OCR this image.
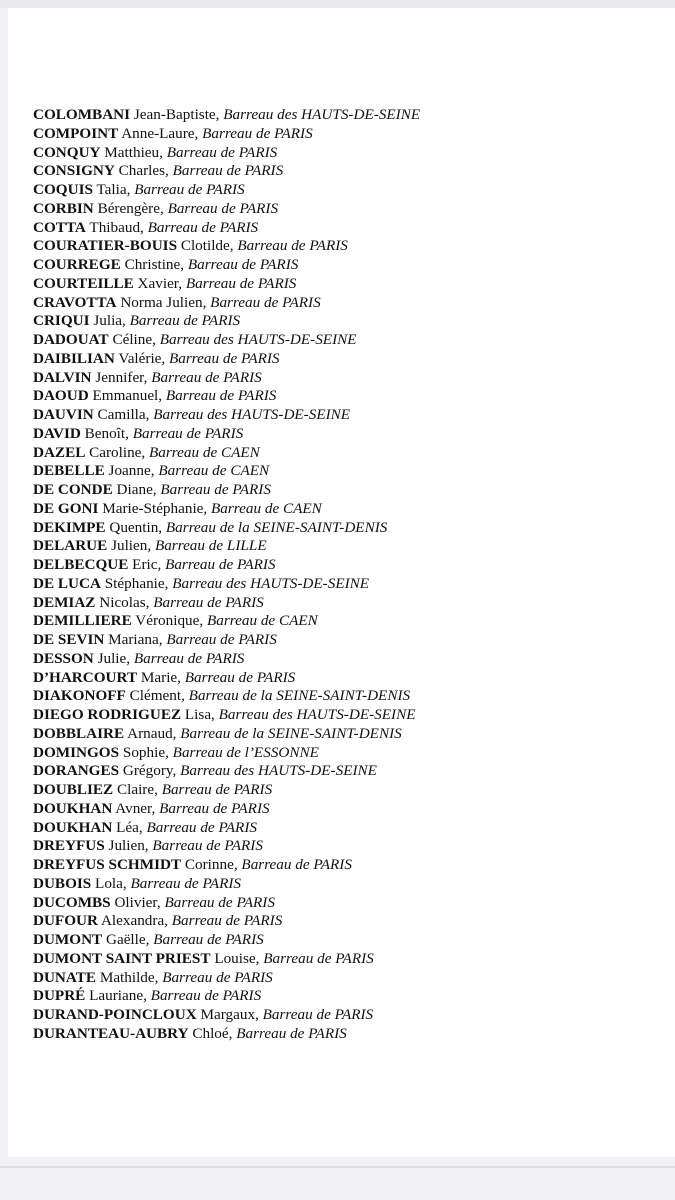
COLOMBANI Jean-Baptiste, Barreau des HAUTS-DE-SEINE
COMPOINT Anne-Laure, Barreau de PARIS
CONQUY Matthieu, Barreau de PARIS
CONSIGNY Charles, Barreau de PARIS
COQUIS Talia, Barreau de PARIS
CORBIN Bérengère, Barreau de PARIS
COTTA Thibaud, Barreau de PARIS
COURATIER-BOUIS Clotilde, Barreau de PARIS
COURREGE Christine, Barreau de PARIS
COURTEILLE Xavier, Barreau de PARIS
CRAVOTTA Norma Julien, Barreau de PARIS
CRIQUI Julia, Barreau de PARIS
DADOUAT Céline, Barreau des HAUTS-DE-SEINE
DAIBILIAN Valérie, Barreau de PARIS
DALVIN Jennifer, Barreau de PARIS
DAOUD Emmanuel, Barreau de PARIS
DAUVIN Camilla, Barreau des HAUTS-DE-SEINE
DAVID Benoît, Barreau de PARIS
DAZEL Caroline, Barreau de CAEN
DEBELLE Joanne, Barreau de CAEN
DE CONDE Diane, Barreau de PARIS
DE GONI Marie-Stéphanie, Barreau de CAEN
DEKIMPE Quentin, Barreau de la SEINE-SAINT-DENIS
DELARUE Julien, Barreau de LILLE
DELBECQUE Eric, Barreau de PARIS
DE LUCA Stéphanie, Barreau des HAUTS-DE-SEINE
DEMIAZ Nicolas, Barreau de PARIS
DEMILLIERE Véronique, Barreau de CAEN
DE SEVIN Mariana, Barreau de PARIS
DESSON Julie, Barreau de PARIS
D’HARCOURT Marie, Barreau de PARIS
DIAKONOFF Clément, Barreau de la SEINE-SAINT-DENIS
DIEGO RODRIGUEZ Lisa, Barreau des HAUTS-DE-SEINE
DOBBLAIRE Arnaud, Barreau de la SEINE-SAINT-DENIS
DOMINGOS Sophie, Barreau de l’ESSONNE
DORANGES Grégory, Barreau des HAUTS-DE-SEINE
DOUBLIEZ Claire, Barreau de PARIS
DOUKHAN Avner, Barreau de PARIS
DOUKHAN Léa, Barreau de PARIS
DREYFUS Julien, Barreau de PARIS
DREYFUS SCHMIDT Corinne, Barreau de PARIS
DUBOIS Lola, Barreau de PARIS
DUCOMBS Olivier, Barreau de PARIS
DUFOUR Alexandra, Barreau de PARIS
DUMONT Gaëlle, Barreau de PARIS
DUMONT SAINT PRIEST Louise, Barreau de PARIS
DUNATE Mathilde, Barreau de PARIS
DUPRÉ Lauriane, Barreau de PARIS
DURAND-POINCLOUX Margaux, Barreau de PARIS
DURANTEAU-AUBRY Chloé, Barreau de PARIS
